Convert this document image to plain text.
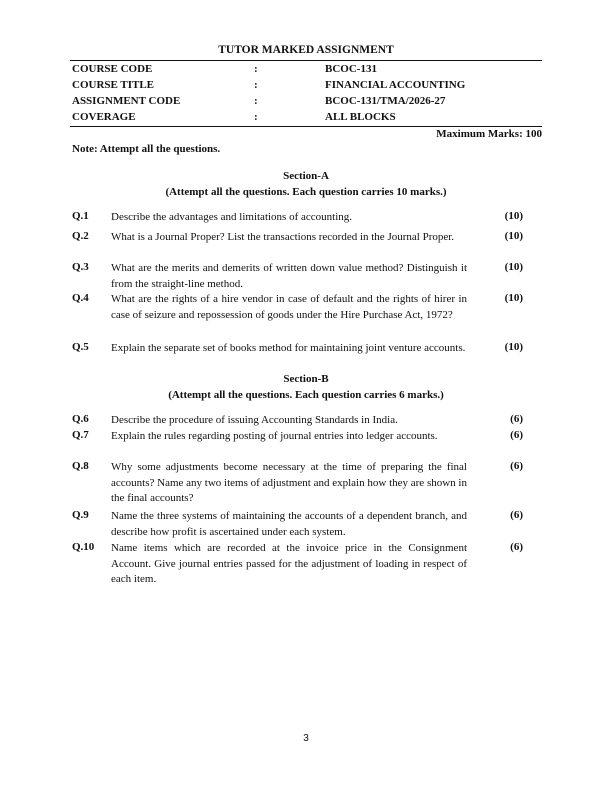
TUTOR MARKED ASSIGNMENT
COURSE CODE	:	BCOC-131
COURSE TITLE	:	FINANCIAL ACCOUNTING
ASSIGNMENT CODE	:	BCOC-131/TMA/2026-27
COVERAGE	:	ALL BLOCKS
Maximum Marks: 100
Note: Attempt all the questions.
Section-A
(Attempt all the questions. Each question carries 10 marks.)
Q.1 Describe the advantages and limitations of accounting.	(10)
Q.2 What is a Journal Proper? List the transactions recorded in the Journal Proper.	(10)
Q.3 What are the merits and demerits of written down value method? Distinguish it from the straight-line method.
(10)
Q.4 What are the rights of a hire vendor in case of default and the rights of hirer in case of seizure and repossession of goods under the Hire Purchase Act, 1972?
(10)
Q.5 Explain the separate set of books method for maintaining joint venture accounts.	(10)
Section-B
(Attempt all the questions. Each question carries 6 marks.)
Q.6 Describe the procedure of issuing Accounting Standards in India.	(6)
Q.7 Explain the rules regarding posting of journal entries into ledger accounts.	(6)
Q.8 Why some adjustments become necessary at the time of preparing the final accounts? Name any two items of adjustment and explain how they are shown in the final accounts?
(6)
Q.9 Name the three systems of maintaining the accounts of a dependent branch, and describe how profit is ascertained under each system.
(6)
Q.10 Name items which are recorded at the invoice price in the Consignment Account. Give journal entries passed for the adjustment of loading in respect of each item.
(6)
3
